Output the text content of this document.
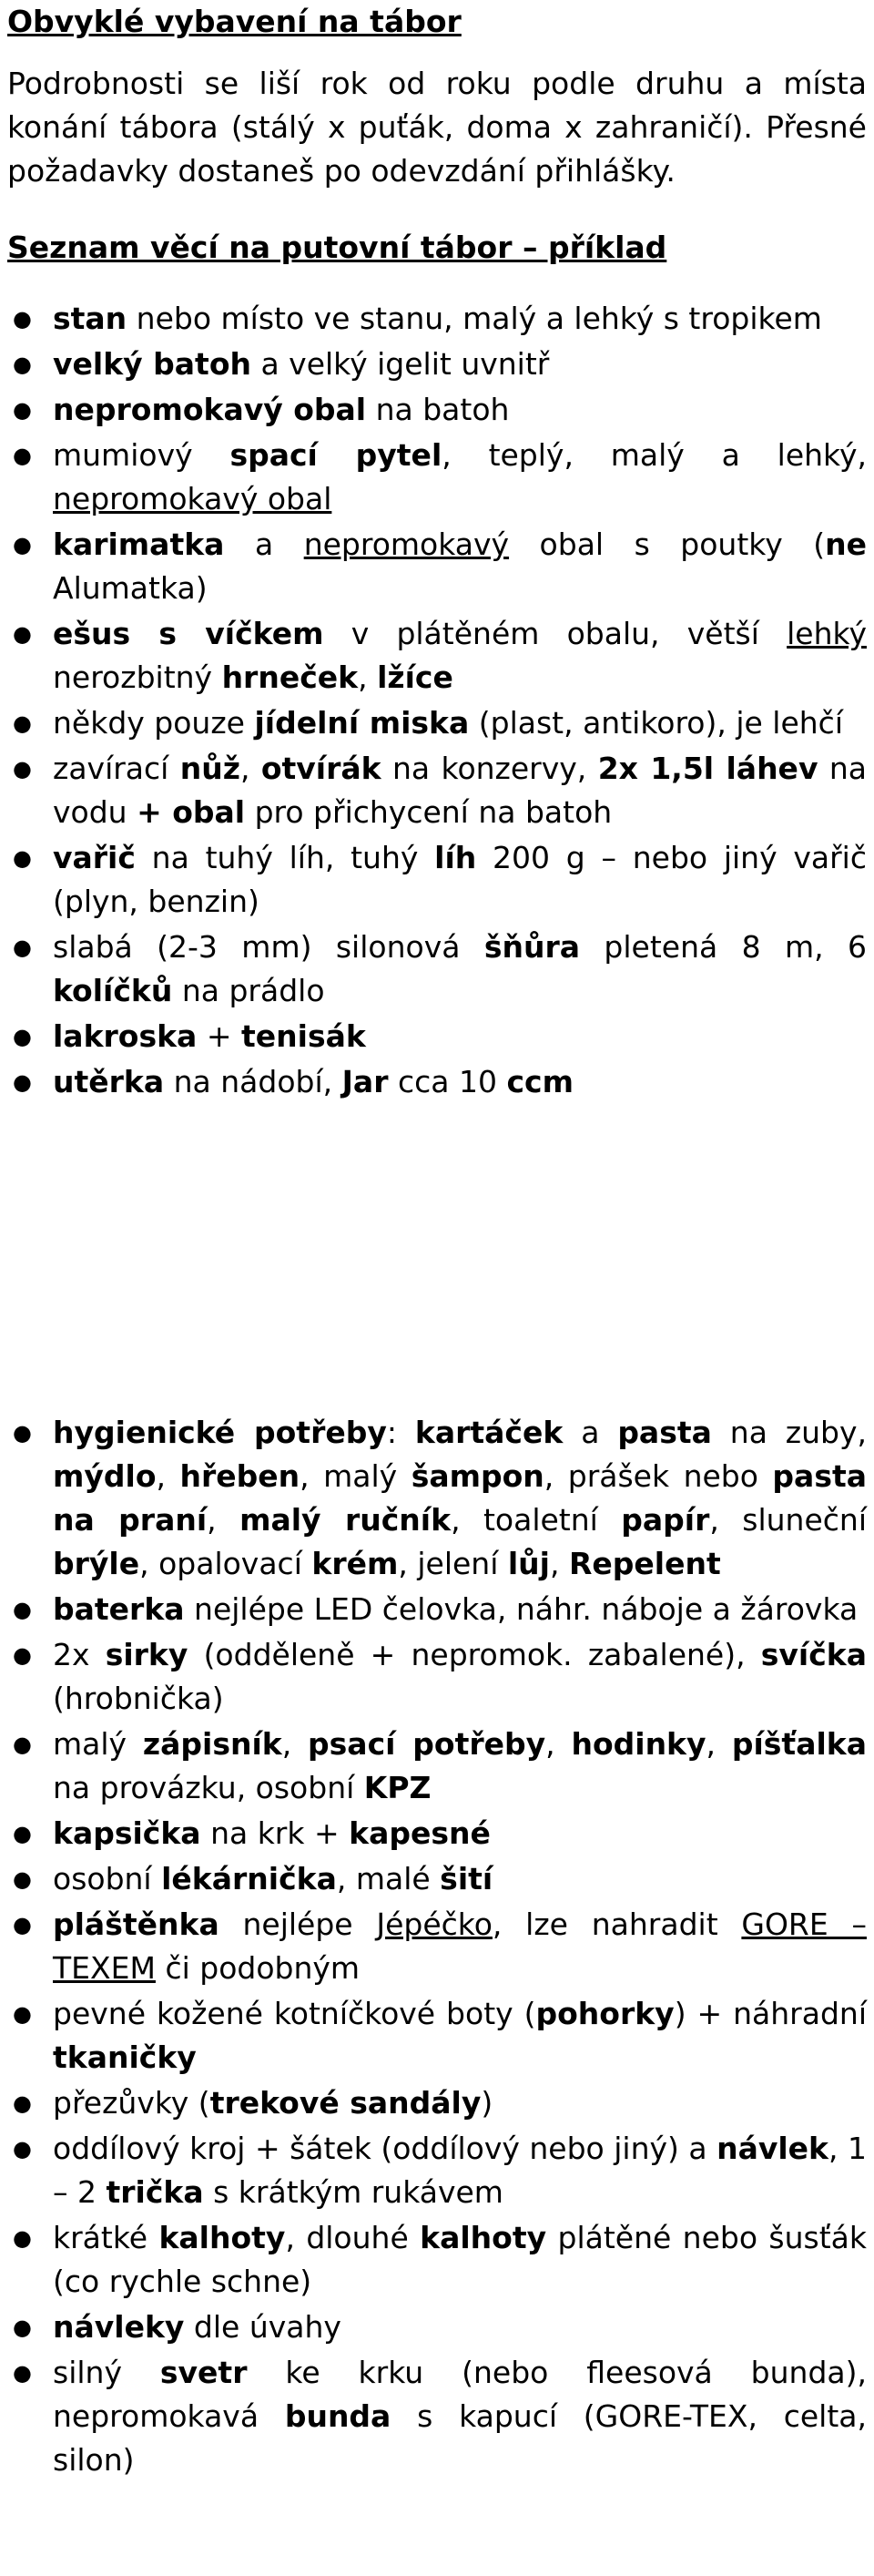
Obvyklé vybavení na tábor

Podrobnosti se liší rok od roku podle druhu a místa konání tábora (stálý x puťák, doma x zahraničí). Přesné požadavky dostaneš po odevzdání přihlášky.

Seznam věcí na putovní tábor – příklad
● stan nebo místo ve stanu, malý a lehký s tropikem
● velký batoh a velký igelit uvnitř
● nepromokavý obal na batoh
● mumiový spací pytel, teplý, malý a lehký, nepromokavý obal
● karimatka a nepromokavý obal s poutky (ne Alumatka)
● ešus s víčkem v plátěném obalu, větší lehký nerozbitný hrneček, lžíce
● někdy pouze jídelní miska (plast, antikoro), je lehčí
● zavírací nůž, otvírák na konzervy, 2x 1,5l láhev na vodu + obal pro přichycení na batoh
● vařič na tuhý líh, tuhý líh 200 g – nebo jiný vařič (plyn, benzin)
● slabá (2-3 mm) silonová šňůra pletená 8 m, 6 kolíčků na prádlo
● lakroska + tenisák
● utěrka na nádobí, Jar cca 10 ccm
● hygienické potřeby: kartáček a pasta na zuby, mýdlo, hřeben, malý šampon, prášek nebo pasta na praní, malý ručník, toaletní papír, sluneční brýle, opalovací krém, jelení lůj, Repelent
● baterka nejlépe LED čelovka, náhr. náboje a žárovka
● 2x sirky (odděleně + nepromok. zabalené), svíčka (hrobnička)
● malý zápisník, psací potřeby, hodinky, píšťalka na provázku, osobní KPZ
● kapsička na krk + kapesné
● osobní lékárnička, malé šití
● pláštěnka nejlépe Jépéčko, lze nahradit GORE – TEXEM či podobným
● pevné kožené kotníčkové boty (pohorky) + náhradní tkaničky
● přezůvky (trekové sandály)
● oddílový kroj + šátek (oddílový nebo jiný) a návlek, 1 – 2 trička s krátkým rukávem
● krátké kalhoty, dlouhé kalhoty plátěné nebo šusťák (co rychle schne)
● návleky dle úvahy
● silný svetr ke krku (nebo fleesová bunda), nepromokavá bunda s kapucí (GORE-TEX, celta, silon)
